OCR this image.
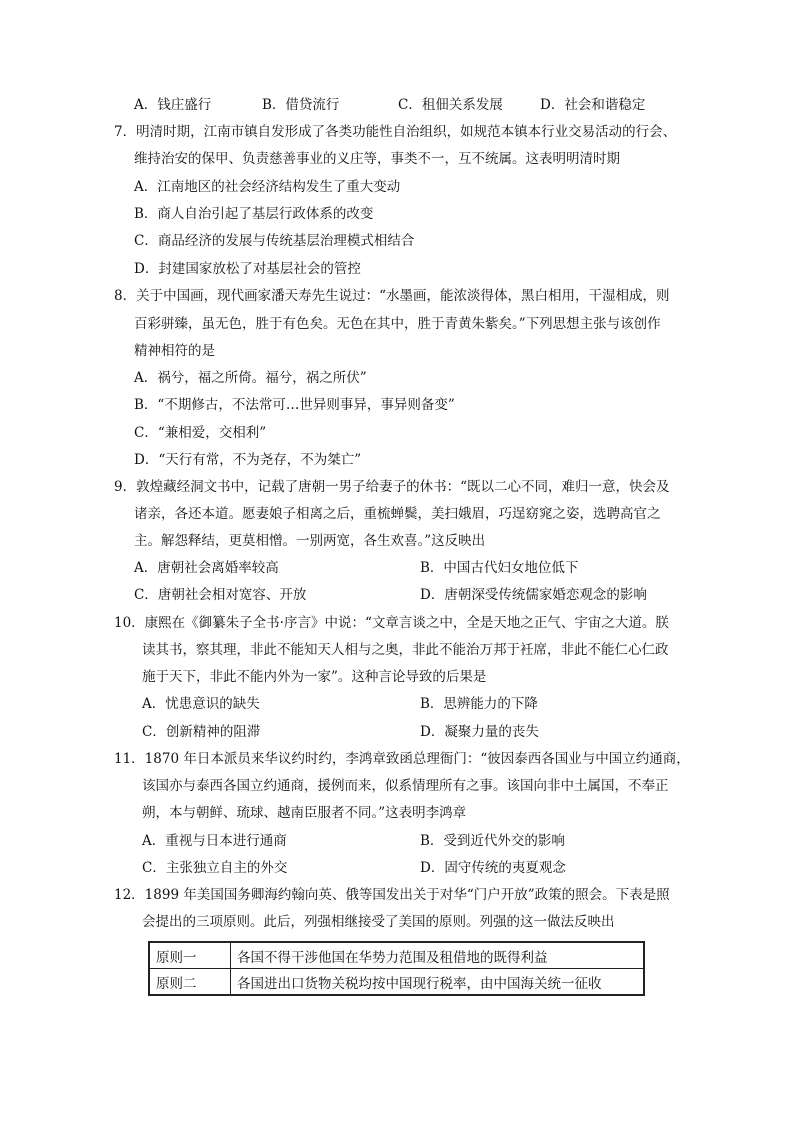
A．钱庄盛行	B．借贷流行	C．租佃关系发展	D．社会和谐稳定
7．明清时期，江南市镇自发形成了各类功能性自治组织，如规范本镇本行业交易活动的行会、
维持治安的保甲、负责慈善事业的义庄等，事类不一，互不统属。这表明明清时期
A．江南地区的社会经济结构发生了重大变动
B．商人自治引起了基层行政体系的改变
C．商品经济的发展与传统基层治理模式相结合
D．封建国家放松了对基层社会的管控
8．关于中国画，现代画家潘天寿先生说过：“水墨画，能浓淡得体，黑白相用，干湿相成，则
百彩骈臻，虽无色，胜于有色矣。无色在其中，胜于青黄朱紫矣。”下列思想主张与该创作
精神相符的是
A．祸兮，福之所倚。福兮，祸之所伏”
B．“不期修古，不法常可…世异则事异，事异则备变”
C．“兼相爱，交相利”
D．“天行有常，不为尧存，不为桀亡”
9．敦煌藏经洞文书中，记载了唐朝一男子给妻子的休书：“既以二心不同，难归一意，快会及
诸亲，各还本道。愿妻娘子相离之后，重梳蝉鬓，美扫娥眉，巧逞窈窕之姿，选聘高官之
主。解怨释结，更莫相憎。一别两宽，各生欢喜。”这反映出
A．唐朝社会离婚率较高	B．中国古代妇女地位低下
C．唐朝社会相对宽容、开放	D．唐朝深受传统儒家婚恋观念的影响
10．康熙在《御纂朱子全书·序言》中说：“文章言谈之中，全是天地之正气、宇宙之大道。朕
读其书，察其理，非此不能知天人相与之奥，非此不能治万邦于衽席，非此不能仁心仁政
施于天下，非此不能内外为一家”。这种言论导致的后果是
A．忧患意识的缺失	B．思辨能力的下降
C．创新精神的阻滞	D．凝聚力量的丧失
11．1870 年日本派员来华议约时约，李鸿章致函总理衙门：“彼因泰西各国业与中国立约通商，
该国亦与泰西各国立约通商，援例而来，似系情理所有之事。该国向非中土属国，不奉正
朔，本与朝鲜、琉球、越南臣服者不同。”这表明李鸿章
A．重视与日本进行通商	B．受到近代外交的影响
C．主张独立自主的外交	D．固守传统的夷夏观念
12．1899 年美国国务卿海约翰向英、俄等国发出关于对华“门户开放”政策的照会。下表是照
会提出的三项原则。此后，列强相继接受了美国的原则。列强的这一做法反映出
原则一	各国不得干涉他国在华势力范围及租借地的既得利益
原则二	各国进出口货物关税均按中国现行税率，由中国海关统一征收
